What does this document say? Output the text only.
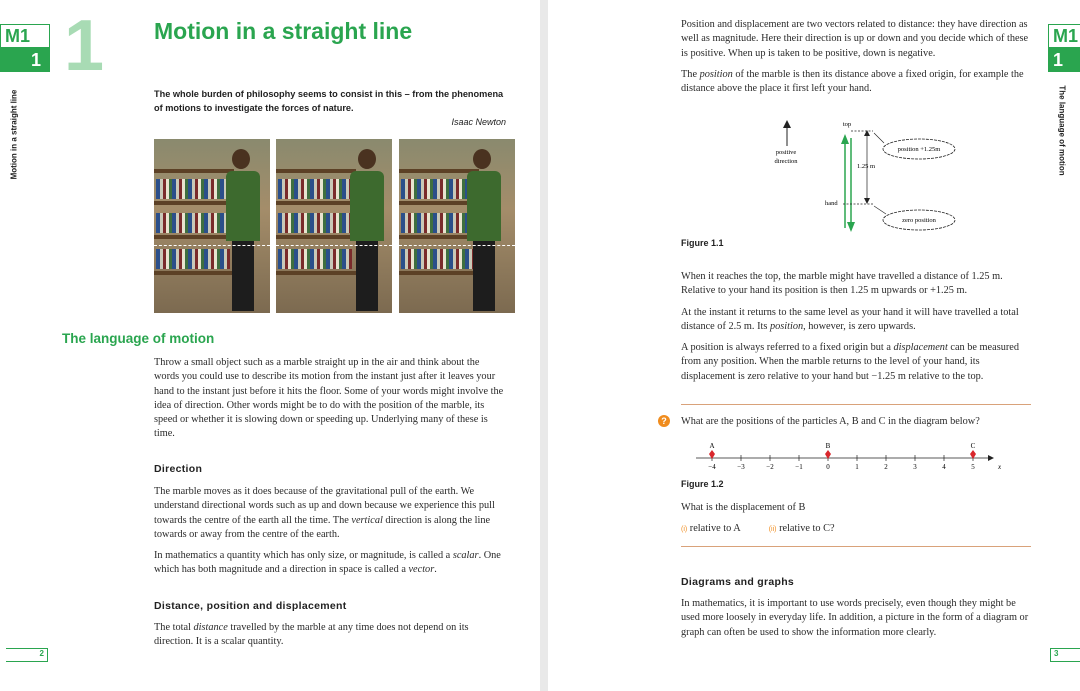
M1
1
Motion in a straight line
1 Motion in a straight line
The whole burden of philosophy seems to consist in this – from the phenomena of motions to investigate the forces of nature.
Isaac Newton
The language of motion
Throw a small object such as a marble straight up in the air and think about the words you could use to describe its motion from the instant just after it leaves your hand to the instant just before it hits the floor. Some of your words might involve the idea of direction. Other words might be to do with the position of the marble, its speed or whether it is slowing down or speeding up. Underlying many of these is time.
Direction

The marble moves as it does because of the gravitational pull of the earth. We understand directional words such as up and down because we experience this pull towards the centre of the earth all the time. The vertical direction is along the line towards or away from the centre of the earth.

In mathematics a quantity which has only size, or magnitude, is called a scalar. One which has both magnitude and a direction in space is called a vector.

Distance, position and displacement
The total distance travelled by the marble at any time does not depend on its direction. It is a scalar quantity.
2

Position and displacement are two vectors related to distance: they have direction as well as magnitude. Here their direction is up or down and you decide which of these is positive. When up is taken to be positive, down is negative.

The position of the marble is then its distance above a fixed origin, for example the distance above the place it first left your hand.

positive
direction
top
1.25 m
hand
position +1.25m
zero position
Figure 1.1

When it reaches the top, the marble might have travelled a distance of 1.25 m. Relative to your hand its position is then 1.25 m upwards or +1.25 m.

At the instant it returns to the same level as your hand it will have travelled a total distance of 2.5 m. Its position, however, is zero upwards.

A position is always referred to a fixed origin but a displacement can be measured from any position. When the marble returns to the level of your hand, its displacement is zero relative to your hand but −1.25 m relative to the top.

?	What are the positions of the particles A, B and C in the diagram below?
−4	−3	−2	−1	0	1	2	3	4	5
A	B	C
x
Figure 1.2
What is the displacement of B
(i) relative to A	(ii) relative to C?
Diagrams and graphs
In mathematics, it is important to use words precisely, even though they might be used more loosely in everyday life. In addition, a picture in the form of a diagram or graph can often be used to show the information more clearly.
M1
1
The language of motion
3
